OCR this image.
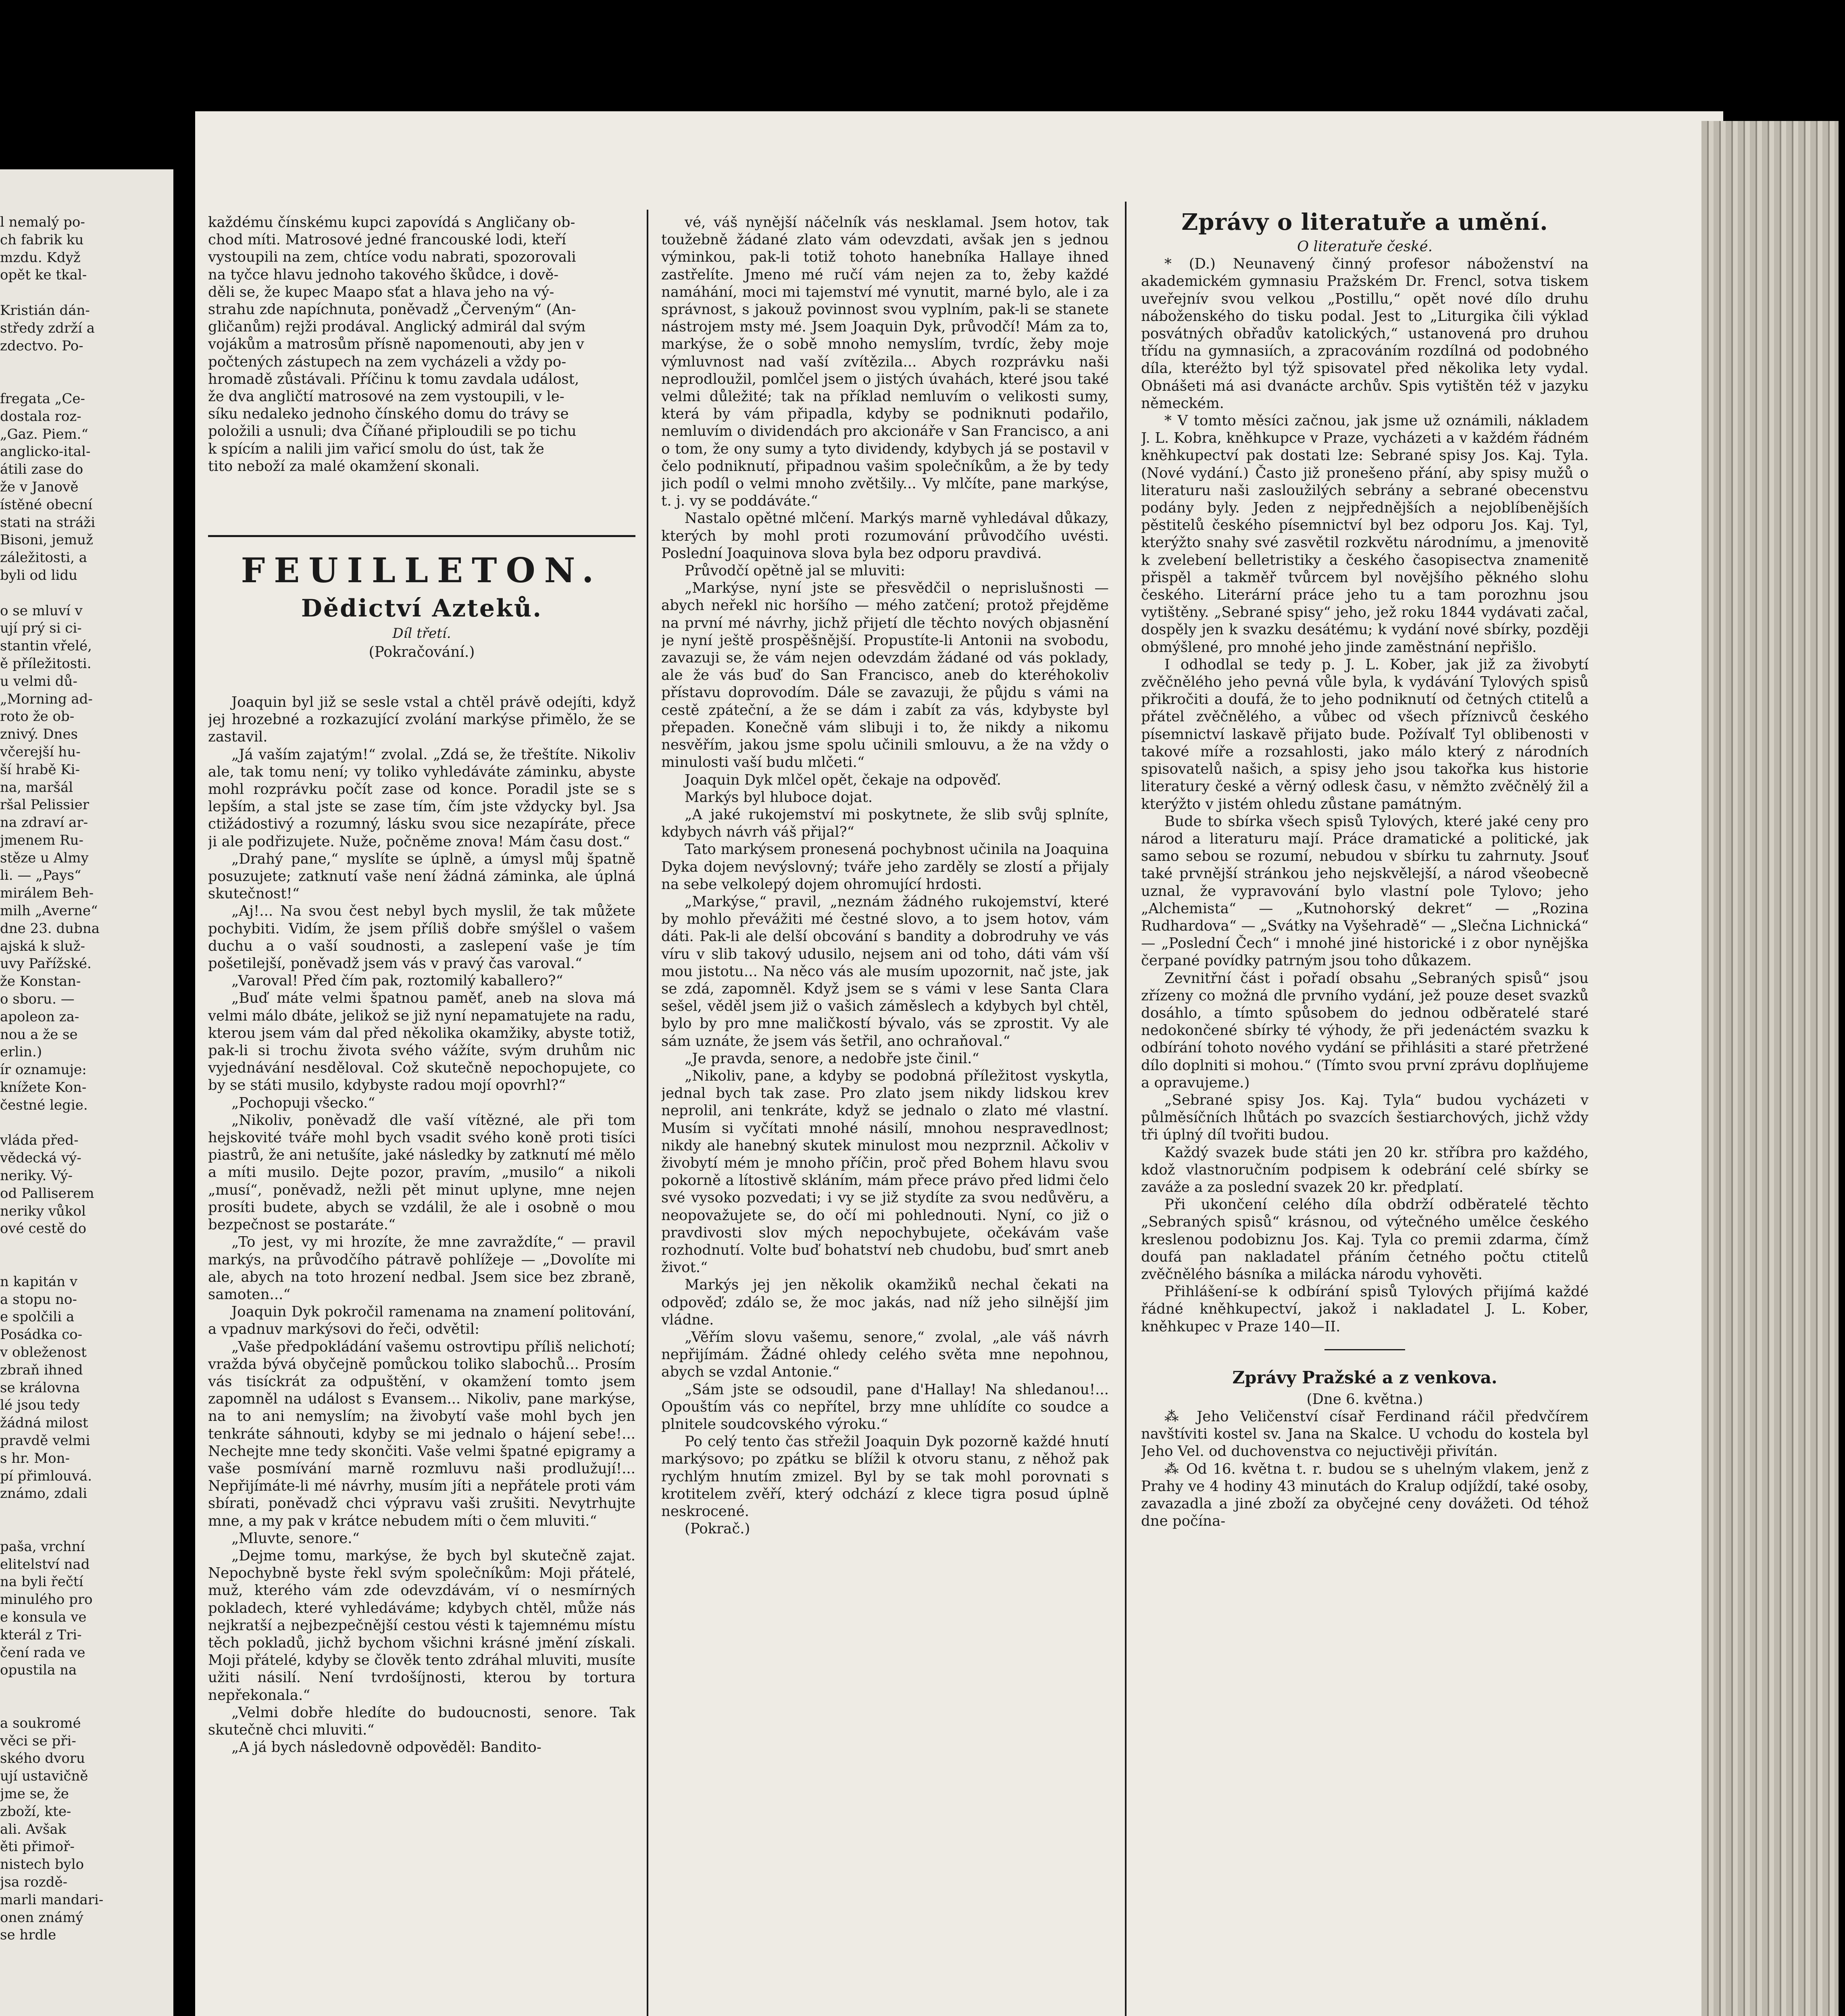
l nemalý po-
ch fabrik ku
mzdu. Když
opět ke tkal-

Kristián dán-
středy zdrží a
zdectvo. Po-

fregata „Ce-
dostala roz-
„Gaz. Piem.“
anglicko-ital-
átili zase do
že v Janově
ístěné obecní
stati na stráži
Bisoni, jemuž
záležitosti, a
byli od lidu

o se mluví v
ují prý si ci-
stantin vřelé,
ě příležitosti.
u velmi dů-
„Morning ad-
roto že ob-
znivý. Dnes
včerejší hu-
ší hrabě Ki-
na, maršál
ršal Pelissier
na zdraví ar-
jmenem Ru-
stěze u Almy
li. — „Pays“
mirálem Beh-
milh „Averne“
dne 23. dubna
ajská k služ-
uvy Pařížské.
že Konstan-
o sboru. —
apoleon za-
nou a že se
erlin.)
ír oznamuje:
knížete Kon-
čestné legie.

vláda před-
vědecká vý-
neriky. Vý-
od Palliserem
neriky vůkol
ové cestě do

n kapitán v
a stopu no-
e spolčili a
Posádka co-
v obleženost
zbraň ihned
se královna
lé jsou tedy
žádná milost
pravdě velmi
s hr. Mon-
pí přimlouvá.
známo, zdali

paša, vrchní
elitelství nad
na byli řečtí
minulého pro
e konsula ve
kterál z Tri-
čení rada ve
opustila na

a soukromé
věci se při-
ského dvoru
ují ustavičně
jme se, že
zboží, kte-
ali. Avšak
ěti přimoř-
nistech bylo
jsa rozdě-
marli mandari-
onen známý
se hrdle
každému čínskému kupci zapovídá s Angličany ob-
chod míti. Matrosové jedné francouské lodi, kteří
vystoupili na zem, chtíce vodu nabrati, spozorovali
na tyčce hlavu jednoho takového škůdce, i dově-
děli se, že kupec Maapo sťat a hlava jeho na vý-
strahu zde napíchnuta, poněvadž „Červeným“ (An-
gličanům) rejži prodával. Anglický admirál dal svým
vojákům a matrosům přísně napomenouti, aby jen v
počtených zástupech na zem vycházeli a vždy po-
hromadě zůstávali. Příčinu k tomu zavdala událost,
že dva angličtí matrosové na zem vystoupili, v le-
síku nedaleko jednoho čínského domu do trávy se
položili a usnuli; dva Číňané připloudili se po tichu
k spícím a nalili jim vařicí smolu do úst, tak že
tito neboží za malé okamžení skonali.
FEUILLETON.
Dědictví Azteků.
Díl třetí.
(Pokračování.)

Joaquin byl již se sesle vstal a chtěl právě odejíti, když jej hrozebné a rozkazující zvolání markýse přimělo, že se zastavil.

„Já vaším zajatým!“ zvolal. „Zdá se, že třeštíte. Nikoliv ale, tak tomu není; vy toliko vyhledáváte záminku, abyste mohl rozprávku počít zase od konce. Poradil jste se s lepším, a stal jste se zase tím, čím jste vždycky byl. Jsa ctižádostivý a rozumný, lásku svou sice nezapíráte, přece ji ale podřizujete. Nuže, počněme znova! Mám času dost.“

„Drahý pane,“ myslíte se úplně, a úmysl můj špatně posuzujete; zatknutí vaše není žádná záminka, ale úplná skutečnost!“

„Aj!... Na svou čest nebyl bych myslil, že tak můžete pochybiti. Vidím, že jsem příliš dobře smýšlel o vašem duchu a o vaší soudnosti, a zaslepení vaše je tím pošetilejší, poněvadž jsem vás v pravý čas varoval.“

„Varoval! Před čím pak, roztomilý kaballero?“

„Buď máte velmi špatnou paměť, aneb na slova má velmi málo dbáte, jelikož se již nyní nepamatujete na radu, kterou jsem vám dal před několika okamžiky, abyste totiž, pak-li si trochu života svého vážíte, svým druhům nic vyjednávání nesděloval. Což skutečně nepochopujete, co by se státi musilo, kdybyste radou mojí opovrhl?“

„Pochopuji všecko.“

„Nikoliv, poněvadž dle vaší vítězné, ale při tom hejskovité tváře mohl bych vsadit svého koně proti tisíci piastrů, že ani netušíte, jaké následky by zatknutí mé mělo a míti musilo. Dejte pozor, pravím, „musilo“ a nikoli „musí“, poněvadž, nežli pět minut uplyne, mne nejen prosíti budete, abych se vzdálil, že ale i osobně o mou bezpečnost se postaráte.“

„To jest, vy mi hrozíte, že mne zavraždíte,“ — pravil markýs, na průvodčího pátravě pohlížeje — „Dovolíte mi ale, abych na toto hrození nedbal. Jsem sice bez zbraně, samoten...“

Joaquin Dyk pokročil ramenama na znamení politování, a vpadnuv markýsovi do řeči, odvětil:

„Vaše předpokládání vašemu ostrovtipu příliš nelichotí; vražda bývá obyčejně pomůckou toliko slabochů... Prosím vás tisíckrát za odpuštění, v okamžení tomto jsem zapomněl na událost s Evansem... Nikoliv, pane markýse, na to ani nemyslím; na živobytí vaše mohl bych jen tenkráte sáhnouti, kdyby se mi jednalo o hájení sebe!... Nechejte mne tedy skončiti. Vaše velmi špatné epigramy a vaše posmívání marně rozmluvu naši prodlužují!... Nepřijímáte-li mé návrhy, musím jíti a nepřátele proti vám sbírati, poněvadž chci výpravu vaši zrušiti. Nevytrhujte mne, a my pak v krátce nebudem míti o čem mluviti.“

„Mluvte, senore.“

„Dejme tomu, markýse, že bych byl skutečně zajat. Nepochybně byste řekl svým společníkům: Moji přátelé, muž, kterého vám zde odevzdávám, ví o nesmírných pokladech, které vyhledáváme; kdybych chtěl, může nás nejkratší a nejbezpečnější cestou vésti k tajemnému místu těch pokladů, jichž bychom všichni krásné jmění získali. Moji přátelé, kdyby se člověk tento zdráhal mluviti, musíte užiti násilí. Není tvrdošíjnosti, kterou by tortura nepřekonala.“

„Velmi dobře hledíte do budoucnosti, senore. Tak skutečně chci mluviti.“

„A já bych následovně odpověděl: Bandito-

vé, váš nynější náčelník vás nesklamal. Jsem hotov, tak toužebně žádané zlato vám odevzdati, avšak jen s jednou výminkou, pak-li totiž tohoto hanebníka Hallaye ihned zastřelíte. Jmeno mé ručí vám nejen za to, žeby každé namáhání, moci mi tajemství mé vynutit, marné bylo, ale i za správnost, s jakouž povinnost svou vyplním, pak-li se stanete nástrojem msty mé. Jsem Joaquin Dyk, průvodčí! Mám za to, markýse, že o sobě mnoho nemyslím, tvrdíc, žeby moje výmluvnost nad vaší zvítězila... Abych rozprávku naši neprodloužil, pomlčel jsem o jistých úvahách, které jsou také velmi důležité; tak na příklad nemluvím o velikosti sumy, která by vám připadla, kdyby se podniknuti podařilo, nemluvím o dividendách pro akcionáře v San Francisco, a ani o tom, že ony sumy a tyto dividendy, kdybych já se postavil v čelo podniknutí, připadnou vašim společníkům, a že by tedy jich podíl o velmi mnoho zvětšily... Vy mlčíte, pane markýse, t. j. vy se poddáváte.“

Nastalo opětné mlčení. Markýs marně vyhledával důkazy, kterých by mohl proti rozumování průvodčího uvésti. Poslední Joaquinova slova byla bez odporu pravdivá.

Průvodčí opětně jal se mluviti:

„Markýse, nyní jste se přesvědčil o neprislušnosti — abych neřekl nic horšího — mého zatčení; protož přejděme na první mé návrhy, jichž přijetí dle těchto nových objasnění je nyní ještě prospěšnější. Propustíte-li Antonii na svobodu, zavazuji se, že vám nejen odevzdám žádané od vás poklady, ale že vás buď do San Francisco, aneb do kteréhokoliv přístavu doprovodím. Dále se zavazuji, že půjdu s vámi na cestě zpáteční, a že se dám i zabít za vás, kdybyste byl přepaden. Konečně vám slibuji i to, že nikdy a nikomu nesvěřím, jakou jsme spolu učinili smlouvu, a že na vždy o minulosti vaší budu mlčeti.“

Joaquin Dyk mlčel opět, čekaje na odpověď.

Markýs byl hluboce dojat.

„A jaké rukojemství mi poskytnete, že slib svůj splníte, kdybych návrh váš přijal?“

Tato markýsem pronesená pochybnost učinila na Joaquina Dyka dojem nevýslovný; tváře jeho zarděly se zlostí a přijaly na sebe velkolepý dojem ohromující hrdosti.

„Markýse,“ pravil, „neznám žádného rukojemství, které by mohlo převážiti mé čestné slovo, a to jsem hotov, vám dáti. Pak-li ale delší obcování s bandity a dobrodruhy ve vás víru v slib takový udusilo, nejsem ani od toho, dáti vám vší mou jistotu... Na něco vás ale musím upozornit, nač jste, jak se zdá, zapomněl. Když jsem se s vámi v lese Santa Clara sešel, věděl jsem již o vašich záměslech a kdybych byl chtěl, bylo by pro mne maličkostí bývalo, vás se zprostit. Vy ale sám uznáte, že jsem vás šetřil, ano ochraňoval.“

„Je pravda, senore, a nedobře jste činil.“

„Nikoliv, pane, a kdyby se podobná příležitost vyskytla, jednal bych tak zase. Pro zlato jsem nikdy lidskou krev neprolil, ani tenkráte, když se jednalo o zlato mé vlastní. Musím si vyčítati mnohé násilí, mnohou nespravedlnost; nikdy ale hanebný skutek minulost mou nezprznil. Ačkoliv v živobytí mém je mnoho příčin, proč před Bohem hlavu svou pokorně a lítostivě skláním, mám přece právo před lidmi čelo své vysoko pozvedati; i vy se již stydíte za svou nedůvěru, a neopovažujete se, do očí mi pohlednouti. Nyní, co již o pravdivosti slov mých nepochybujete, očekávám vaše rozhodnutí. Volte buď bohatství neb chudobu, buď smrt aneb život.“

Markýs jej jen několik okamžiků nechal čekati na odpověď; zdálo se, že moc jakás, nad níž jeho silnější jim vládne.

„Věřím slovu vašemu, senore,“ zvolal, „ale váš návrh nepřijímám. Žádné ohledy celého světa mne nepohnou, abych se vzdal Antonie.“

„Sám jste se odsoudil, pane d'Hallay! Na shledanou!... Opouštím vás co nepřítel, brzy mne uhlídíte co soudce a plnitele soudcovského výroku.“

Po celý tento čas střežil Joaquin Dyk pozorně každé hnutí markýsovo; po zpátku se blížil k otvoru stanu, z něhož pak rychlým hnutím zmizel. Byl by se tak mohl porovnati s krotitelem zvěří, který odchází z klece tigra posud úplně neskrocené.

(Pokrač.)

Zprávy o literatuře a umění.
O literatuře české.

* (D.) Neunavený činný profesor náboženství na akademickém gymnasiu Pražském Dr. Frencl, sotva tiskem uveřejnív svou velkou „Postillu,“ opět nové dílo druhu náboženského do tisku podal. Jest to „Liturgika čili výklad posvátných obřadův katolických,“ ustanovená pro druhou třídu na gymnasiích, a zpracováním rozdílná od podobného díla, kteréžto byl týž spisovatel před několika lety vydal. Obnášeti má asi dvanácte archův. Spis vytištěn též v jazyku německém.

* V tomto měsíci začnou, jak jsme už oznámili, nákladem J. L. Kobra, kněhkupce v Praze, vycházeti a v každém řádném kněhkupectví pak dostati lze: Sebrané spisy Jos. Kaj. Tyla. (Nové vydání.) Často již pronešeno přání, aby spisy mužů o literaturu naši zasloužilých sebrány a sebrané obecenstvu podány byly. Jeden z nejpřednějších a nejoblíbenějších pěstitelů českého písemnictví byl bez odporu Jos. Kaj. Tyl, kterýžto snahy své zasvětil rozkvětu národnímu, a jmenovitě k zvelebení belletristiky a českého časopisectva znamenitě přispěl a takměř tvůrcem byl novějšího pěkného slohu českého. Literární práce jeho tu a tam porozhnu jsou vytištěny. „Sebrané spisy“ jeho, jež roku 1844 vydávati začal, dospěly jen k svazku desátému; k vydání nové sbírky, později obmýšlené, pro mnohé jeho jinde zaměstnání nepřišlo.

I odhodlal se tedy p. J. L. Kober, jak již za živobytí zvěčnělého jeho pevná vůle byla, k vydávání Tylových spisů přikročiti a doufá, že to jeho podniknutí od četných ctitelů a přátel zvěčnělého, a vůbec od všech příznivců českého písemnictví laskavě přijato bude. Požívalť Tyl oblibenosti v takové míře a rozsahlosti, jako málo který z národních spisovatelů našich, a spisy jeho jsou takořka kus historie literatury české a věrný odlesk času, v němžto zvěčnělý žil a kterýžto v jistém ohledu zůstane památným.

Bude to sbírka všech spisů Tylových, které jaké ceny pro národ a literaturu mají. Práce dramatické a politické, jak samo sebou se rozumí, nebudou v sbírku tu zahrnuty. Jsouť také prvnější stránkou jeho nejskvělejší, a národ všeobecně uznal, že vypravování bylo vlastní pole Tylovo; jeho „Alchemista“ — „Kutnohorský dekret“ — „Rozina Rudhardova“ — „Svátky na Vyšehradě“ — „Slečna Lichnická“ — „Poslední Čech“ i mnohé jiné historické i z obor nynějška čerpané povídky patrným jsou toho důkazem.

Zevnitřní část i pořadí obsahu „Sebraných spisů“ jsou zřízeny co možná dle prvního vydání, jež pouze deset svazků dosáhlo, a tímto spůsobem do jednou odběratelé staré nedokončené sbírky té výhody, že při jedenáctém svazku k odbírání tohoto nového vydání se přihlásiti a staré přetržené dílo doplniti si mohou.“ (Tímto svou první zprávu doplňujeme a opravujeme.)

„Sebrané spisy Jos. Kaj. Tyla“ budou vycházeti v půlměsíčních lhůtách po svazcích šestiarchových, jichž vždy tři úplný díl tvořiti budou.

Každý svazek bude státi jen 20 kr. stříbra pro každého, kdož vlastnoručním podpisem k odebrání celé sbírky se zaváže a za poslední svazek 20 kr. předplatí.

Při ukončení celého díla obdrží odběratelé těchto „Sebraných spisů“ krásnou, od výtečného umělce českého kreslenou podobiznu Jos. Kaj. Tyla co premii zdarma, čímž doufá pan nakladatel přáním četného počtu ctitelů zvěčnělého básníka a milácka národu vyhověti.

Přihlášení-se k odbírání spisů Tylových přijímá každé řádné kněhkupectví, jakož i nakladatel J. L. Kober, kněhkupec v Praze 140—II.

Zprávy Pražské a z venkova.
(Dne 6. května.)

⁂ Jeho Veličenství císař Ferdinand ráčil předvčírem navštíviti kostel sv. Jana na Skalce. U vchodu do kostela byl Jeho Vel. od duchovenstva co nejuctivěji přivítán.

⁂ Od 16. května t. r. budou se s uhelným vlakem, jenž z Prahy ve 4 hodiny 43 minutách do Kralup odjíždí, také osoby, zavazadla a jiné zboží za obyčejné ceny dovážeti. Od téhož dne počína-
